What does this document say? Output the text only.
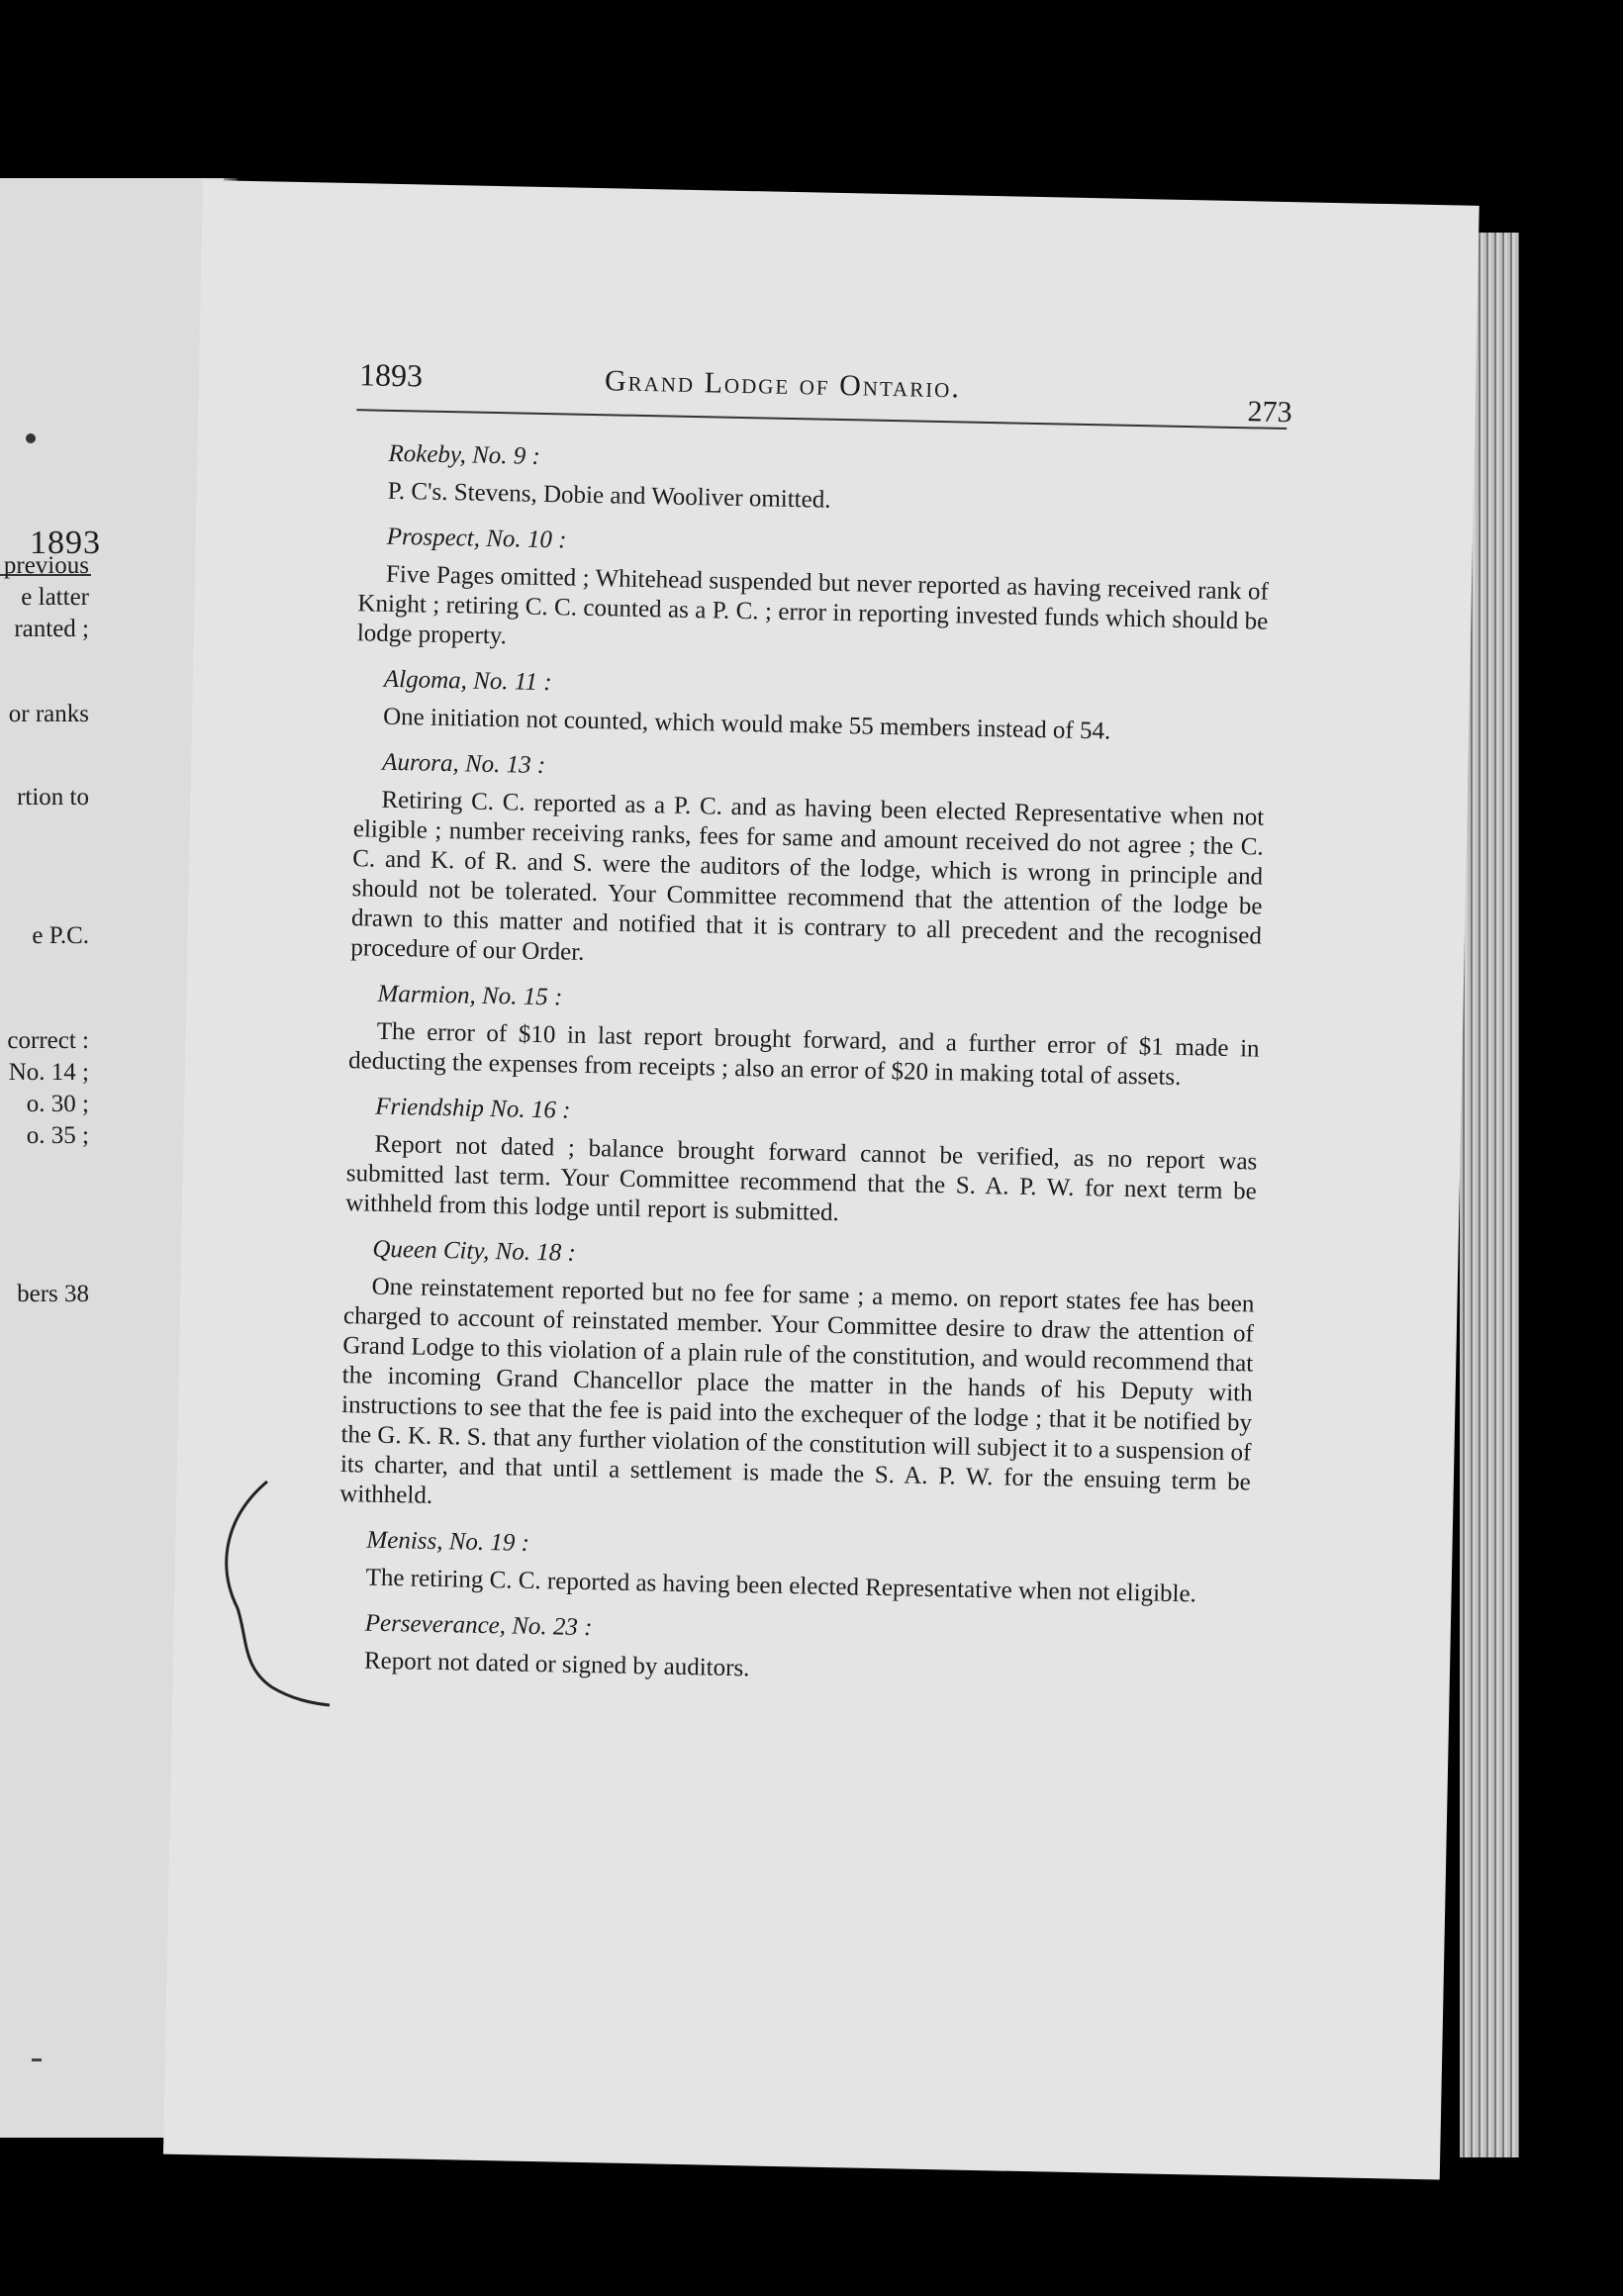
1893
previous
e latter
ranted ;
or ranks
rtion to
e P.C.
correct :
No. 14 ;
o. 30 ;
o. 35 ;
bers 38
1893	Grand Lodge of Ontario.
273
Rokeby, No. 9 :

P. C's. Stevens, Dobie and Wooliver omitted.

Prospect, No. 10 :

Five Pages omitted ; Whitehead suspended but never reported as having received rank of Knight ; retiring C. C. counted as a P. C. ; error in reporting invested funds which should be lodge property.

Algoma, No. 11 :

One initiation not counted, which would make 55 members instead of 54.

Aurora, No. 13 :

Retiring C. C. reported as a P. C. and as having been elected Representative when not eligible ; number receiving ranks, fees for same and amount received do not agree ; the C. C. and K. of R. and S. were the auditors of the lodge, which is wrong in principle and should not be tolerated. Your Committee recommend that the attention of the lodge be drawn to this matter and notified that it is contrary to all precedent and the recognised procedure of our Order.

Marmion, No. 15 :

The error of $10 in last report brought forward, and a further error of $1 made in deducting the expenses from receipts ; also an error of $20 in making total of assets.

Friendship No. 16 :

Report not dated ; balance brought forward cannot be verified, as no report was submitted last term. Your Committee recommend that the S. A. P. W. for next term be withheld from this lodge until report is submitted.

Queen City, No. 18 :

One reinstatement reported but no fee for same ; a memo. on report states fee has been charged to account of reinstated member. Your Committee desire to draw the attention of Grand Lodge to this violation of a plain rule of the constitution, and would recommend that the incoming Grand Chancellor place the matter in the hands of his Deputy with instructions to see that the fee is paid into the exchequer of the lodge ; that it be notified by the G. K. R. S. that any further violation of the constitution will subject it to a suspension of its charter, and that until a settlement is made the S. A. P. W. for the ensuing term be withheld.

Meniss, No. 19 :

The retiring C. C. reported as having been elected Representative when not eligible.

Perseverance, No. 23 :

Report not dated or signed by auditors.
